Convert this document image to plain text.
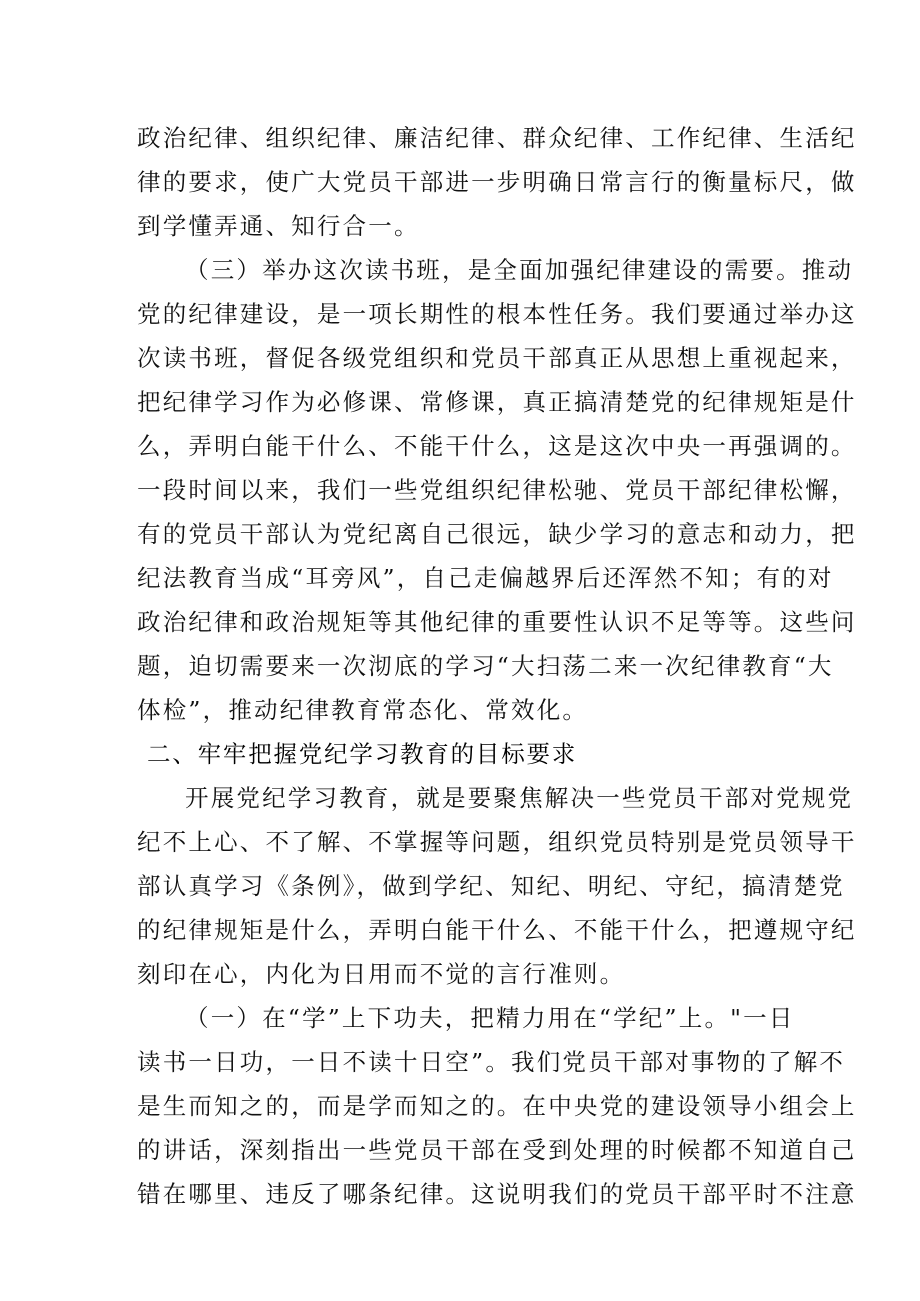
政治纪律、组织纪律、廉洁纪律、群众纪律、工作纪律、生活纪
律的要求，使广大党员干部进一步明确日常言行的衡量标尺，做
到学懂弄通、知行合一。
（三）举办这次读书班，是全面加强纪律建设的需要。推动
党的纪律建设，是一项长期性的根本性任务。我们要通过举办这
次读书班，督促各级党组织和党员干部真正从思想上重视起来，
把纪律学习作为必修课、常修课，真正搞清楚党的纪律规矩是什
么，弄明白能干什么、不能干什么，这是这次中央一再强调的。
一段时间以来，我们一些党组织纪律松驰、党员干部纪律松懈，
有的党员干部认为党纪离自己很远，缺少学习的意志和动力，把
纪法教育当成“耳旁风”，自己走偏越界后还浑然不知；有的对
政治纪律和政治规矩等其他纪律的重要性认识不足等等。这些问
题，迫切需要来一次沏底的学习“大扫荡二来一次纪律教育“大
体检”，推动纪律教育常态化、常效化。
二、牢牢把握党纪学习教育的目标要求
开展党纪学习教育，就是要聚焦解决一些党员干部对党规党
纪不上心、不了解、不掌握等问题，组织党员特别是党员领导干
部认真学习《条例》，做到学纪、知纪、明纪、守纪，搞清楚党
的纪律规矩是什么，弄明白能干什么、不能干什么，把遵规守纪
刻印在心，内化为日用而不觉的言行准则。
（一）在“学”上下功夫，把精力用在“学纪”上。"一日
读书一日功，一日不读十日空”。我们党员干部对事物的了解不
是生而知之的，而是学而知之的。在中央党的建设领导小组会上
的讲话，深刻指出一些党员干部在受到处理的时候都不知道自己
错在哪里、违反了哪条纪律。这说明我们的党员干部平时不注意
